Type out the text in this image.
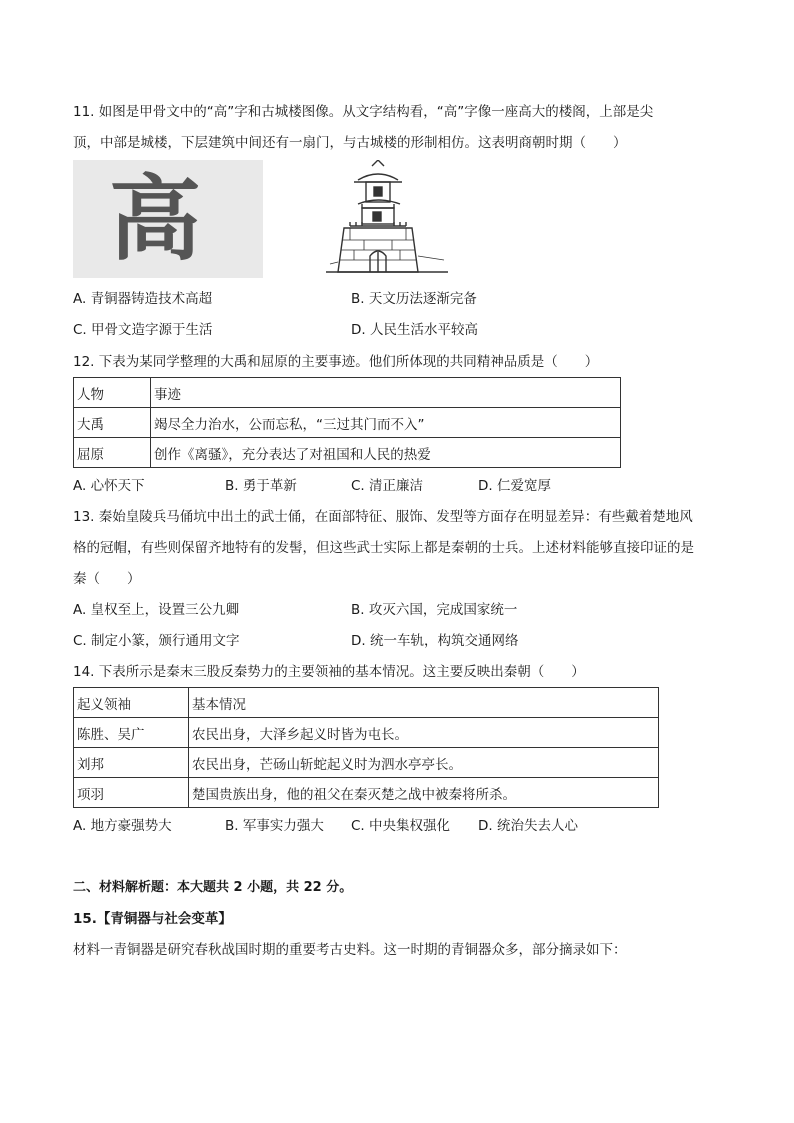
11. 如图是甲骨文中的“高”字和古城楼图像。从文字结构看，“高”字像一座高大的楼阁，上部是尖
顶，中部是城楼，下层建筑中间还有一扇门，与古城楼的形制相仿。这表明商朝时期（　　）
高
A. 青铜器铸造技术高超	B. 天文历法逐渐完备
C. 甲骨文造字源于生活	D. 人民生活水平较高
12. 下表为某同学整理的大禹和屈原的主要事迹。他们所体现的共同精神品质是（　　）
人物	事迹
大禹	竭尽全力治水，公而忘私，“三过其门而不入”
屈原	创作《离骚》，充分表达了对祖国和人民的热爱
A. 心怀天下	B. 勇于革新	C. 清正廉洁	D. 仁爱宽厚
13. 秦始皇陵兵马俑坑中出土的武士俑，在面部特征、服饰、发型等方面存在明显差异：有些戴着楚地风
格的冠帽，有些则保留齐地特有的发髻，但这些武士实际上都是秦朝的士兵。上述材料能够直接印证的是
秦（　　）
A. 皇权至上，设置三公九卿	B. 攻灭六国，完成国家统一
C. 制定小篆，颁行通用文字	D. 统一车轨，构筑交通网络
14. 下表所示是秦末三股反秦势力的主要领袖的基本情况。这主要反映出秦朝（　　）
起义领袖	基本情况
陈胜、吴广	农民出身，大泽乡起义时皆为屯长。
刘邦	农民出身，芒砀山斩蛇起义时为泗水亭亭长。
项羽	楚国贵族出身，他的祖父在秦灭楚之战中被秦将所杀。
A. 地方豪强势大	B. 军事实力强大 C. 中央集权强化 D. 统治失去人心
二、材料解析题：本大题共 2 小题，共 22 分。
15.【青铜器与社会变革】
材料一青铜器是研究春秋战国时期的重要考古史料。这一时期的青铜器众多，部分摘录如下：
